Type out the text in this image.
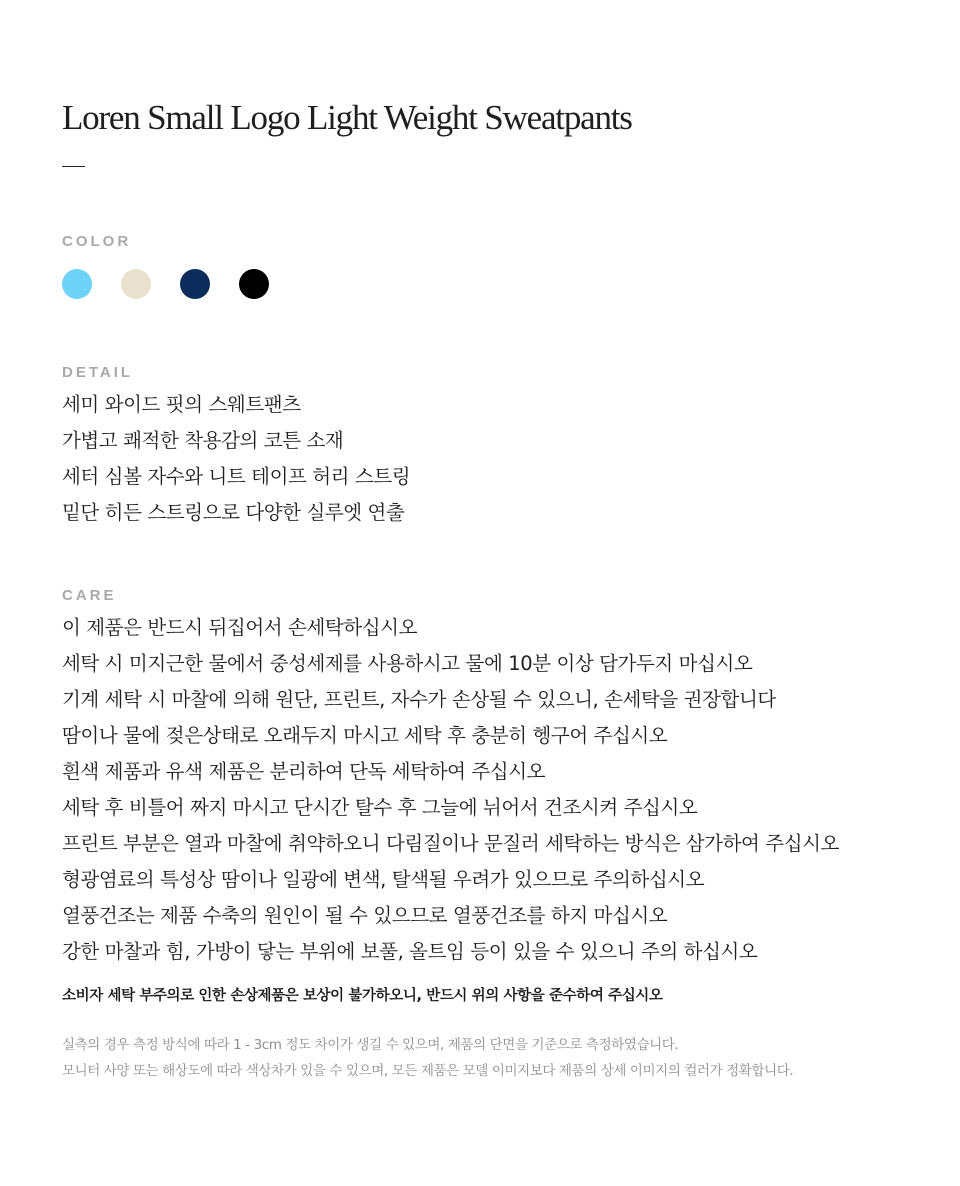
Loren Small Logo Light Weight Sweatpants
COLOR
DETAIL
세미 와이드 핏의 스웨트팬츠
가볍고 쾌적한 착용감의 코튼 소재
세터 심볼 자수와 니트 테이프 허리 스트링
밑단 히든 스트링으로 다양한 실루엣 연출
CARE
이 제품은 반드시 뒤집어서 손세탁하십시오
세탁 시 미지근한 물에서 중성세제를 사용하시고 물에 10분 이상 담가두지 마십시오
기계 세탁 시 마찰에 의해 원단, 프린트, 자수가 손상될 수 있으니, 손세탁을 권장합니다
땀이나 물에 젖은상태로 오래두지 마시고 세탁 후 충분히 헹구어 주십시오
흰색 제품과 유색 제품은 분리하여 단독 세탁하여 주십시오
세탁 후 비틀어 짜지 마시고 단시간 탈수 후 그늘에 뉘어서 건조시켜 주십시오
프린트 부분은 열과 마찰에 취약하오니 다림질이나 문질러 세탁하는 방식은 삼가하여 주십시오
형광염료의 특성상 땀이나 일광에 변색, 탈색될 우려가 있으므로 주의하십시오
열풍건조는 제품 수축의 원인이 될 수 있으므로 열풍건조를 하지 마십시오
강한 마찰과 힘, 가방이 닿는 부위에 보풀, 올트임 등이 있을 수 있으니 주의 하십시오

소비자 세탁 부주의로 인한 손상제품은 보상이 불가하오니, 반드시 위의 사항을 준수하여 주십시오

실측의 경우 측정 방식에 따라 1 - 3cm 정도 차이가 생길 수 있으며, 제품의 단면을 기준으로 측정하였습니다.
모니터 사양 또는 해상도에 따라 색상차가 있을 수 있으며, 모든 제품은 모델 이미지보다 제품의 상세 이미지의 컬러가 정확합니다.
